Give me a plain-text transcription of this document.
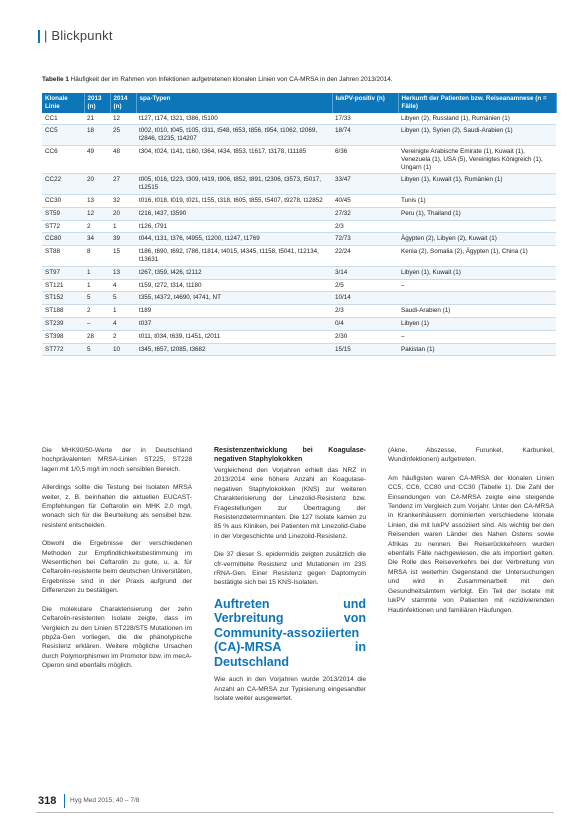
| Blickpunkt
Tabelle 1 Häufigkeit der im Rahmen von Infektionen aufgetretenen klonalen Linien von CA-MRSA in den Jahren 2013/2014.
Klonale Linie	2013 (n)	2014 (n)	spa-Typen	lukPV-positiv (n)	Herkunft der Patienten bzw. Reiseanamnese (n = Fälle)
CC1	21	12	t127, t174, t321, t386, t5100	17/33	Libyen (2), Russland (1), Rumänien (1)
CC5	18	25	t002, t010, t045, t105, t311, t548, t653, t856, t954, t1062, t2069, t2846, t3235, t14207	18/74	Libyen (1), Syrien (2), Saudi-Arabien (1)
CC6	49	48	t304, t024, t141, t160, t364, t434, t853, t1617, t3178, t11185	6/36	Vereinigte Arabische Emirate (1), Kuwait (1), Venezuela (1), USA (5), Vereinigtes Königreich (1), Ungarn (1)
CC22	20	27	t005, t016, t223, t309, t419, t906, t852, t891, t2306, t3573, t5017, t12515	33/47	Libyen (1), Kuwait (1), Rumänien (1)
CC30	13	32	t016, t018, t019, t021, t155, t318, t605, t855, t5407, t9278, t12852	40/45	Tunis (1)
ST59	12	20	t216, t437, t3590	27/32	Peru (1), Thailand (1)
ST72	2	1	t126, t791	2/3	
CC80	34	39	t044, t131, t376, t4955, t1200, t1247, t1769	72/73	Ägypten (2), Libyen (2), Kuwait (1)
ST88	8	15	t186, t690, t692, t786, t1814, t4015, t4345, t1158, t5041, t12134, t13631	22/24	Kenia (2), Somalia (2), Ägypten (1), China (1)
ST97	1	13	t267, t359, t426, t2112	3/14	Libyen (1), Kuwait (1)
ST121	1	4	t159, t272, t314, t1180	2/5	–
ST152	5	5	t355, t4372, t4690, t4741, NT	10/14	
ST188	2	1	t189	2/3	Saudi-Arabien (1)
ST239	–	4	t037	0/4	Libyen (1)
ST398	28	2	t011, t034, t639, t1451, t2011	2/30	–
ST772	5	10	t345, t657, t2085, t3682	15/15	Pakistan (1)

Die MHK90/50-Werte der in Deutschland hochprävalenten MRSA-Linien ST225, ST228 lagen mit 1/0,5 mg/l im noch sensiblen Bereich.

Allerdings sollte die Testung bei Isolaten MRSA weiter, z. B. beinhalten die aktuellen EUCAST-Empfehlungen für Ceftarolin ein MHK 2,0 mg/l, wonach sich für die Beurteilung als sensibel bzw. resistent entscheiden.

Obwohl die Ergebnisse der verschiedenen Methoden zur Empfindlichkeitsbestimmung im Wesentlichen bei Ceftarolin zu gute, u. a. für Ceftarolin-resistente beim deutschen Universitäten, Ergebnisse sind in der Praxis aufgrund der Differenzen zu bestätigen.

Die molekulare Charakterisierung der zehn Ceftarolin-resistenten Isolate zeigte, dass im Vergleich zu den Linien ST228/ST5 Mutationen im pbp2a-Gen vorliegen, die die phänotypische Resistenz erklären. Weitere mögliche Ursachen durch Polymorphismen im Promotor bzw. im mecA-Operon sind ebenfalls möglich.

Resistenzentwicklung bei Koagulase-negativen Staphylokokken

Vergleichend den Vorjahren erhielt das NRZ in 2013/2014 eine höhere Anzahl an Koagulase-negativen Staphylokokken (KNS) zur weiteren Charakterisierung der Linezolid-Resistenz bzw. Fragestellungen zur Übertragung der Resistenzdeterminanten. Die 127 Isolate kamen zu 85 % aus Kliniken, bei Patienten mit Linezolid-Gabe in der Vorgeschichte und Linezolid-Resistenz.

Die 37 dieser S. epidermidis zeigten zusätzlich die cfr-vermittelte Resistenz und Mutationen im 23S rRNA-Gen. Einer Resistenz gegen Daptomycin bestätigte sich bei 15 KNS-Isolaten.

Auftreten und Verbreitung von Community-assoziierten (CA)-MRSA in Deutschland

Wie auch in den Vorjahren wurde 2013/2014 die Anzahl an CA-MRSA zur Typisierung eingesandter Isolate weiter ausgewertet.

(Akne, Abszesse, Furunkel, Karbunkel, Wundinfektionen) aufgetreten.

Am häufigsten waren CA-MRSA der klonalen Linien CC5, CC6, CC80 und CC30 (Tabelle 1). Die Zahl der Einsendungen von CA-MRSA zeigte eine steigende Tendenz im Vergleich zum Vorjahr. Unter den CA-MRSA in Krankenhäusern dominierten verschiedene klonale Linien, die mit lukPV assoziiert sind. Als wichtig bei den Reisenden waren Länder des Nahen Ostens sowie Afrikas zu nennen. Bei Reiserückkehrern wurden ebenfalls Fälle nachgewiesen, die als importiert gelten. Die Rolle des Reiseverkehrs bei der Verbreitung von MRSA ist weiterhin Gegenstand der Untersuchungen und wird in Zusammenarbeit mit den Gesundheitsämtern verfolgt. Ein Teil der Isolate mit lukPV stammte von Patienten mit rezidivierenden Hautinfektionen und familiären Häufungen.

318 Hyg Med 2015; 40 – 7/8
